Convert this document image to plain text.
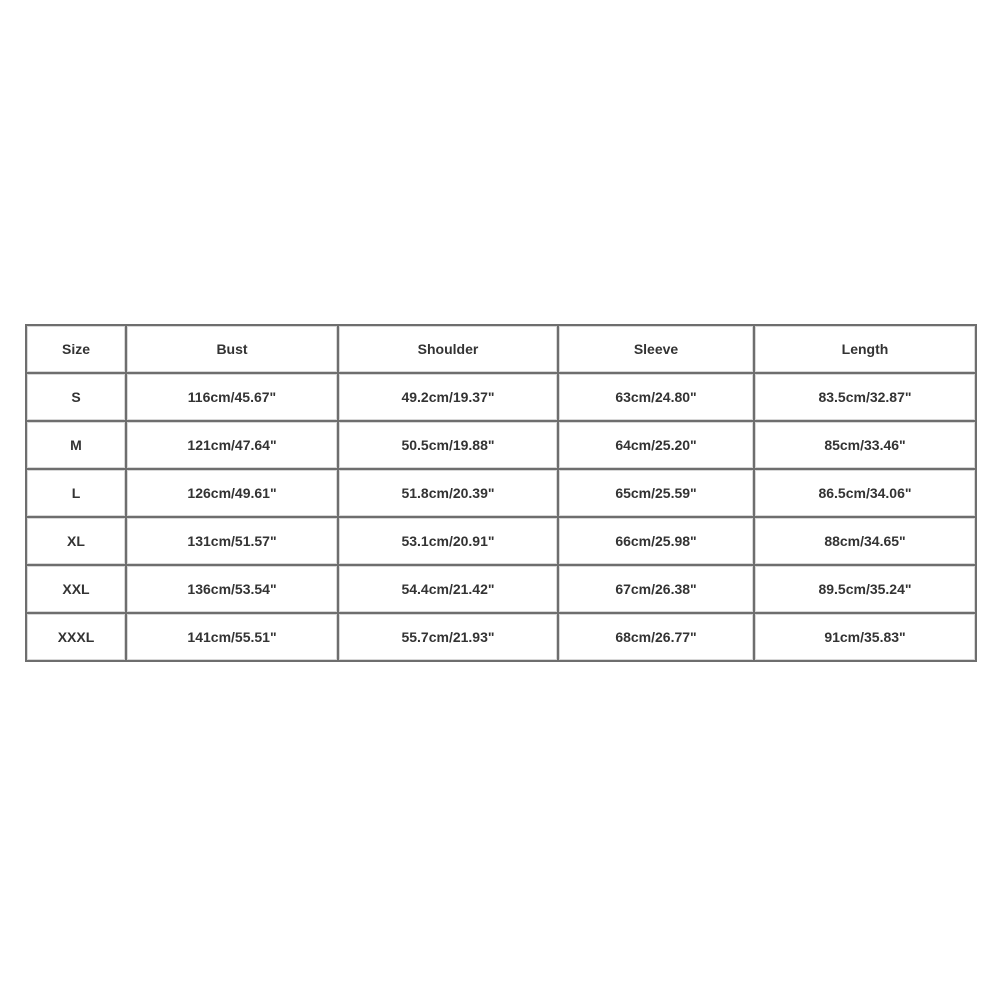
Size	Bust	Shoulder	Sleeve	Length
S	116cm/45.67"	49.2cm/19.37"	63cm/24.80"	83.5cm/32.87"
M	121cm/47.64"	50.5cm/19.88"	64cm/25.20"	85cm/33.46"
L	126cm/49.61"	51.8cm/20.39"	65cm/25.59"	86.5cm/34.06"
XL	131cm/51.57"	53.1cm/20.91"	66cm/25.98"	88cm/34.65"
XXL	136cm/53.54"	54.4cm/21.42"	67cm/26.38"	89.5cm/35.24"
XXXL	141cm/55.51"	55.7cm/21.93"	68cm/26.77"	91cm/35.83"
